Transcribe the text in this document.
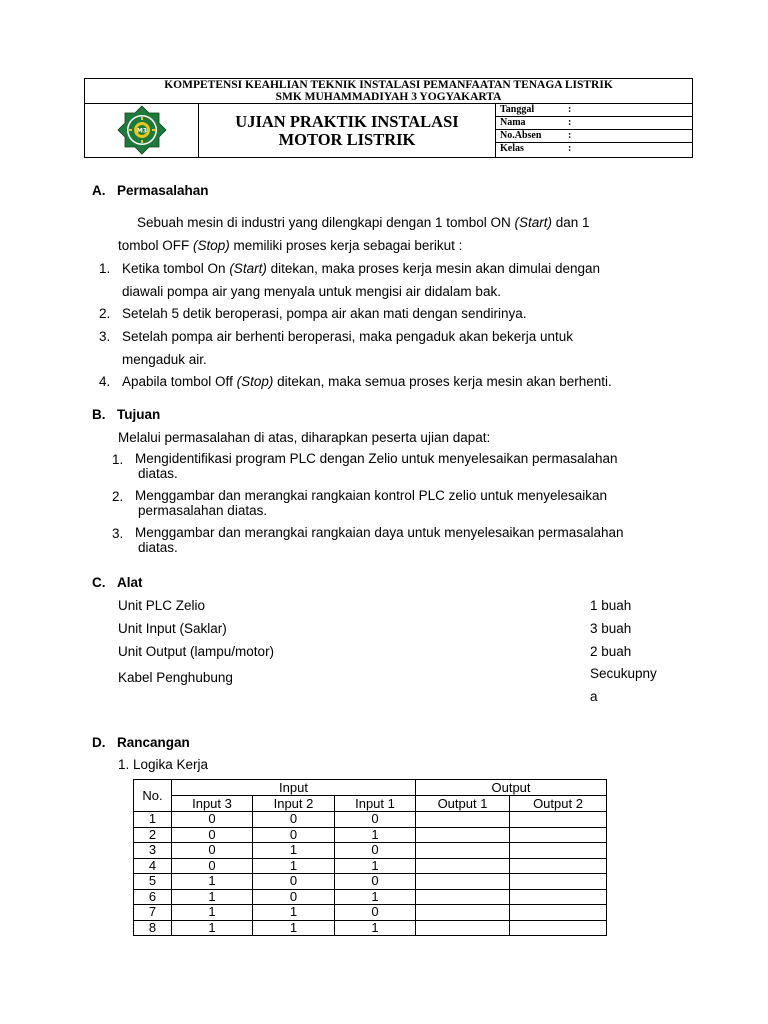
KOMPETENSI KEAHLIAN TEKNIK INSTALASI PEMANFAATAN TENAGA LISTRIK
SMK MUHAMMADIYAH 3 YOGYAKARTA
M3	UJIAN PRAKTIK INSTALASI
MOTOR LISTRIK
Tanggal	:
Nama	:
No.Absen	:
Kelas	:
A. Permasalahan
Sebuah mesin di industri yang dilengkapi dengan 1 tombol ON (Start) dan 1
tombol OFF (Stop) memiliki proses kerja sebagai berikut :
1. Ketika tombol On (Start) ditekan, maka proses kerja mesin akan dimulai dengan
diawali pompa air yang menyala untuk mengisi air didalam bak.
2. Setelah 5 detik beroperasi, pompa air akan mati dengan sendirinya.
3. Setelah pompa air berhenti beroperasi, maka pengaduk akan bekerja untuk
mengaduk air.
4. Apabila tombol Off (Stop) ditekan, maka semua proses kerja mesin akan berhenti.
B. Tujuan
Melalui permasalahan di atas, diharapkan peserta ujian dapat:
1. Mengidentifikasi program PLC dengan Zelio untuk menyelesaikan permasalahan
diatas.
2. Menggambar dan merangkai rangkaian kontrol PLC zelio untuk menyelesaikan
permasalahan diatas.
3. Menggambar dan merangkai rangkaian daya untuk menyelesaikan permasalahan
diatas.
C. Alat
Unit PLC Zelio	1 buah
Unit Input (Saklar)	3 buah
Unit Output (lampu/motor)	2 buah
Kabel Penghubung	Secukupny
a
D. Rancangan
1. Logika Kerja
No.	Input			Output	
	Input 3	Input 2	Input 1	Output 1	Output 2
1	0	0	0		
2	0	0	1		
3	0	1	0		
4	0	1	1		
5	1	0	0		
6	1	0	1		
7	1	1	0		
8	1	1	1		
